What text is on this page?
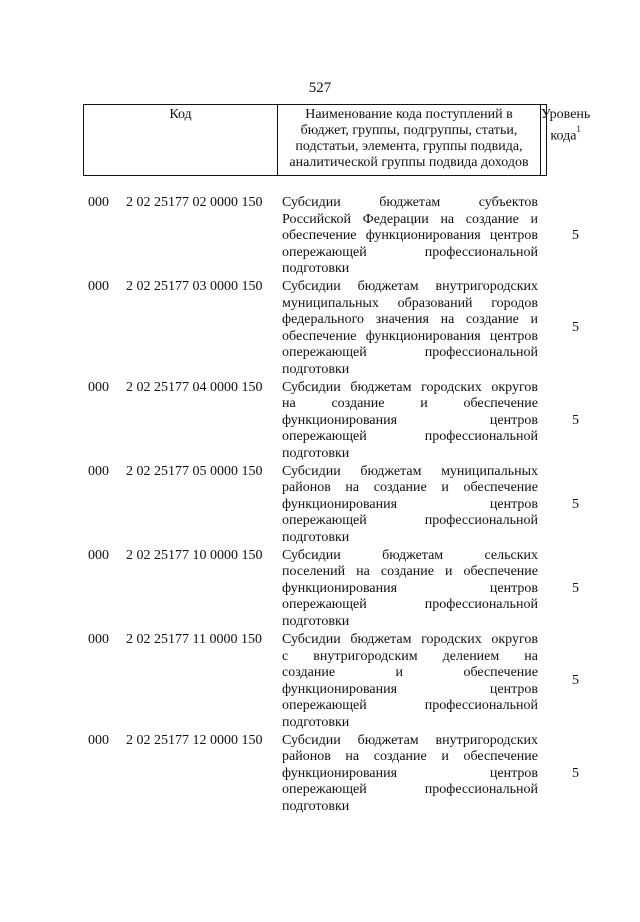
527
Код	Наименование кода поступлений в
бюджет, группы, подгруппы, статьи,
подстатьи, элемента, группы подвида,
аналитической группы подвида доходов
Уровень
кода$^1$
000 2 02 25177 02 0000 150 Субсидии бюджетам субъектов
Российской Федерации на создание и
обеспечение функционирования центров
опережающей профессиональной
подготовки
5
000 2 02 25177 03 0000 150 Субсидии бюджетам внутригородских
муниципальных образований городов
федерального значения на создание и
обеспечение функционирования центров
опережающей профессиональной
подготовки
5
000 2 02 25177 04 0000 150 Субсидии бюджетам городских округов
на создание и обеспечение
функционирования центров
опережающей профессиональной
подготовки
5
000 2 02 25177 05 0000 150 Субсидии бюджетам муниципальных
районов на создание и обеспечение
функционирования центров
опережающей профессиональной
подготовки
5
000 2 02 25177 10 0000 150 Субсидии бюджетам сельских
поселений на создание и обеспечение
функционирования центров
опережающей профессиональной
подготовки
5
000 2 02 25177 11 0000 150 Субсидии бюджетам городских округов
с внутригородским делением на
создание и обеспечение
функционирования центров
опережающей профессиональной
подготовки
5
000 2 02 25177 12 0000 150 Субсидии бюджетам внутригородских
районов на создание и обеспечение
функционирования центров
опережающей профессиональной
подготовки
5
